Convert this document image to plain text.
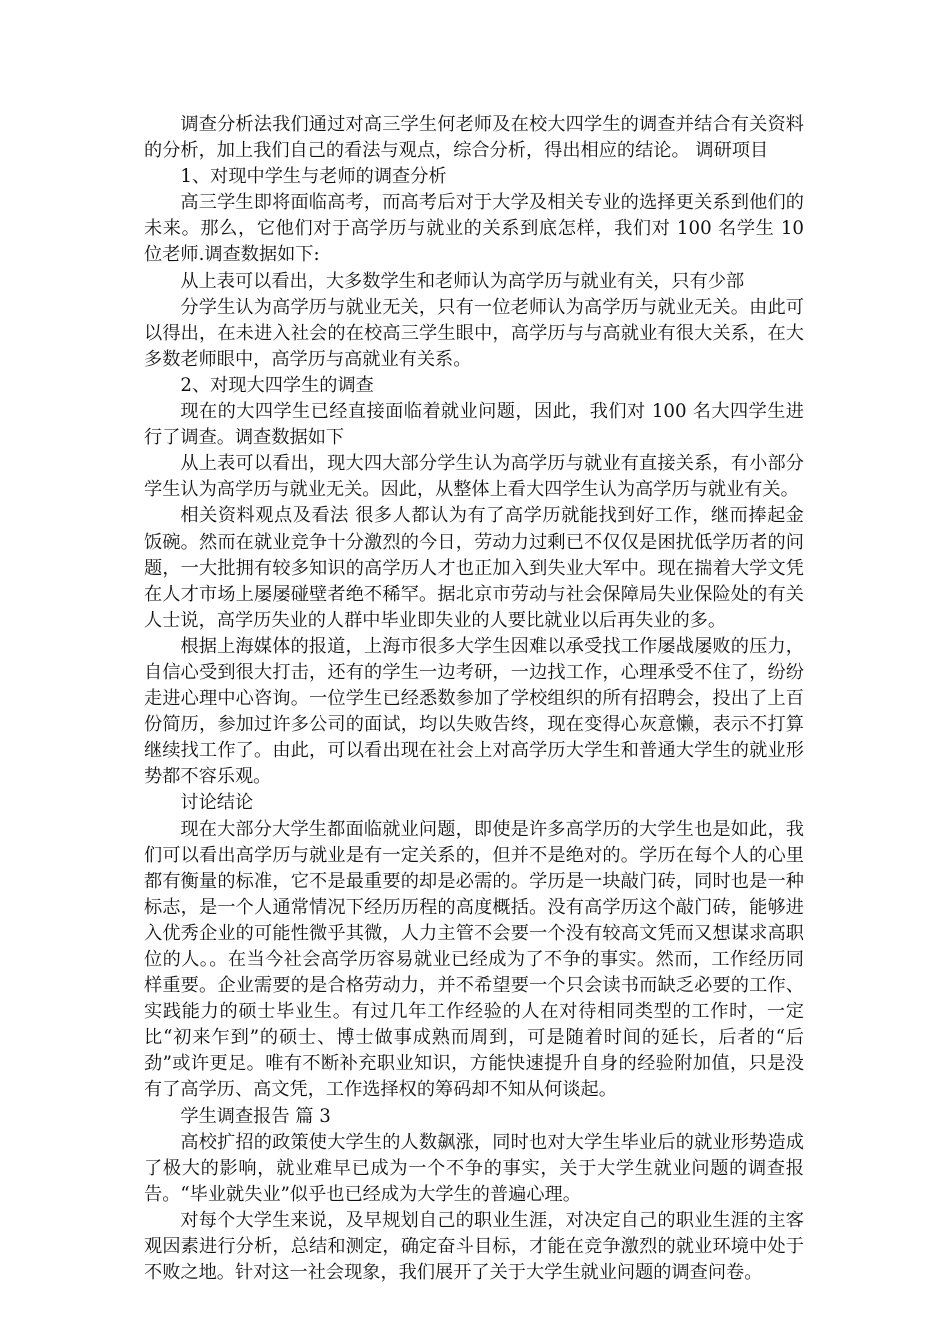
调查分析法我们通过对高三学生何老师及在校大四学生的调查并结合有关资料的分析，加上我们自己的看法与观点，综合分析，得出相应的结论。 调研项目

1、对现中学生与老师的调查分析

高三学生即将面临高考，而高考后对于大学及相关专业的选择更关系到他们的未来。那么，它他们对于高学历与就业的关系到底怎样，我们对 100 名学生 10 位老师.调查数据如下:

从上表可以看出，大多数学生和老师认为高学历与就业有关，只有少部

分学生认为高学历与就业无关，只有一位老师认为高学历与就业无关。由此可以得出，在未进入社会的在校高三学生眼中，高学历与与高就业有很大关系，在大多数老师眼中，高学历与高就业有关系。

2、对现大四学生的调查

现在的大四学生已经直接面临着就业问题，因此，我们对 100 名大四学生进行了调查。调查数据如下

从上表可以看出，现大四大部分学生认为高学历与就业有直接关系，有小部分学生认为高学历与就业无关。因此，从整体上看大四学生认为高学历与就业有关。

相关资料观点及看法 很多人都认为有了高学历就能找到好工作，继而捧起金饭碗。然而在就业竞争十分激烈的今日，劳动力过剩已不仅仅是困扰低学历者的问题，一大批拥有较多知识的高学历人才也正加入到失业大军中。现在揣着大学文凭在人才市场上屡屡碰壁者绝不稀罕。据北京市劳动与社会保障局失业保险处的有关人士说，高学历失业的人群中毕业即失业的人要比就业以后再失业的多。

根据上海媒体的报道，上海市很多大学生因难以承受找工作屡战屡败的压力，自信心受到很大打击，还有的学生一边考研，一边找工作，心理承受不住了，纷纷走进心理中心咨询。一位学生已经悉数参加了学校组织的所有招聘会，投出了上百份简历，参加过许多公司的面试，均以失败告终，现在变得心灰意懒，表示不打算继续找工作了。由此，可以看出现在社会上对高学历大学生和普通大学生的就业形势都不容乐观。

讨论结论

现在大部分大学生都面临就业问题，即使是许多高学历的大学生也是如此，我们可以看出高学历与就业是有一定关系的，但并不是绝对的。学历在每个人的心里都有衡量的标准，它不是最重要的却是必需的。学历是一块敲门砖，同时也是一种标志，是一个人通常情况下经历历程的高度概括。没有高学历这个敲门砖，能够进入优秀企业的可能性微乎其微，人力主管不会要一个没有较高文凭而又想谋求高职位的人。。在当今社会高学历容易就业已经成为了不争的事实。然而，工作经历同样重要。企业需要的是合格劳动力，并不希望要一个只会读书而缺乏必要的工作、实践能力的硕士毕业生。有过几年工作经验的人在对待相同类型的工作时，一定比“初来乍到”的硕士、博士做事成熟而周到，可是随着时间的延长，后者的“后劲”或许更足。唯有不断补充职业知识，方能快速提升自身的经验附加值，只是没有了高学历、高文凭，工作选择权的筹码却不知从何谈起。

学生调查报告 篇 3

高校扩招的政策使大学生的人数飙涨，同时也对大学生毕业后的就业形势造成了极大的影响，就业难早已成为一个不争的事实，关于大学生就业问题的调查报告。“毕业就失业”似乎也已经成为大学生的普遍心理。

对每个大学生来说，及早规划自己的职业生涯，对决定自己的职业生涯的主客观因素进行分析，总结和测定，确定奋斗目标，才能在竞争激烈的就业环境中处于不败之地。针对这一社会现象，我们展开了关于大学生就业问题的调查问卷。
